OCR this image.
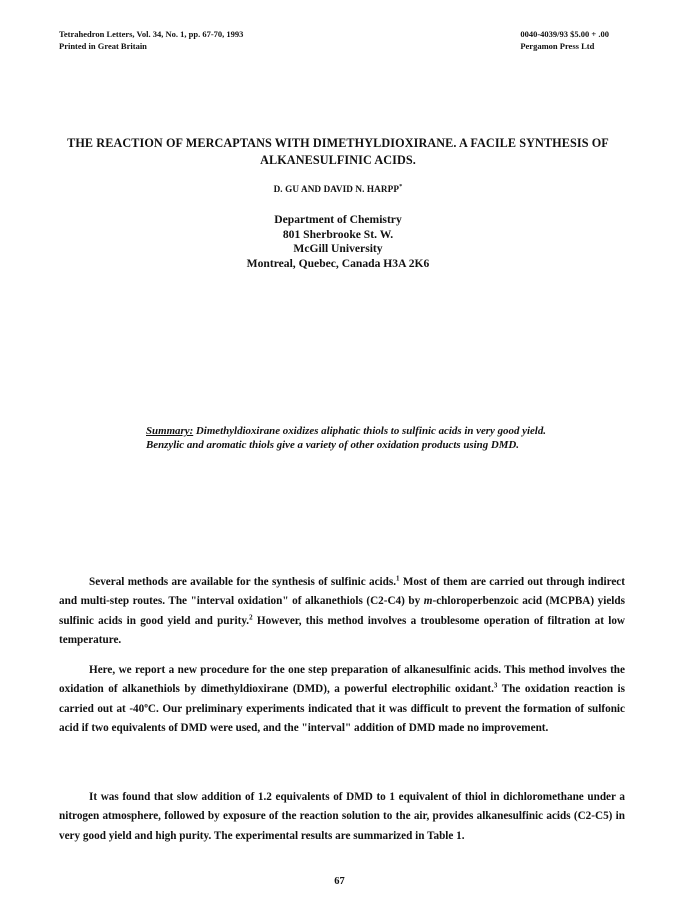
Tetrahedron Letters, Vol. 34, No. 1, pp. 67-70, 1993
Printed in Great Britain
0040-4039/93 $5.00 + .00
Pergamon Press Ltd
THE REACTION OF MERCAPTANS WITH DIMETHYLDIOXIRANE. A FACILE SYNTHESIS OF
ALKANESULFINIC ACIDS.
D. GU AND DAVID N. HARPP*
Department of Chemistry
801 Sherbrooke St. W.
McGill University
Montreal, Quebec, Canada H3A 2K6
Summary: Dimethyldioxirane oxidizes aliphatic thiols to sulfinic acids in very good yield. Benzylic and aromatic thiols give a variety of other oxidation products using DMD.

Several methods are available for the synthesis of sulfinic acids.$^1$ Most of them are carried out through indirect and multi-step routes. The "interval oxidation" of alkanethiols (C2-C4) by m-chloroperbenzoic acid (MCPBA) yields sulfinic acids in good yield and purity.$^2$ However, this method involves a troublesome operation of filtration at low temperature.

Here, we report a new procedure for the one step preparation of alkanesulfinic acids. This method involves the oxidation of alkanethiols by dimethyldioxirane (DMD), a powerful electrophilic oxidant.$^3$ The oxidation reaction is carried out at -40ºC. Our preliminary experiments indicated that it was difficult to prevent the formation of sulfonic acid if two equivalents of DMD were used, and the "interval" addition of DMD made no improvement.

It was found that slow addition of 1.2 equivalents of DMD to 1 equivalent of thiol in dichloromethane under a nitrogen atmosphere, followed by exposure of the reaction solution to the air, provides alkanesulfinic acids (C2-C5) in very good yield and high purity. The experimental results are summarized in Table 1.

67
